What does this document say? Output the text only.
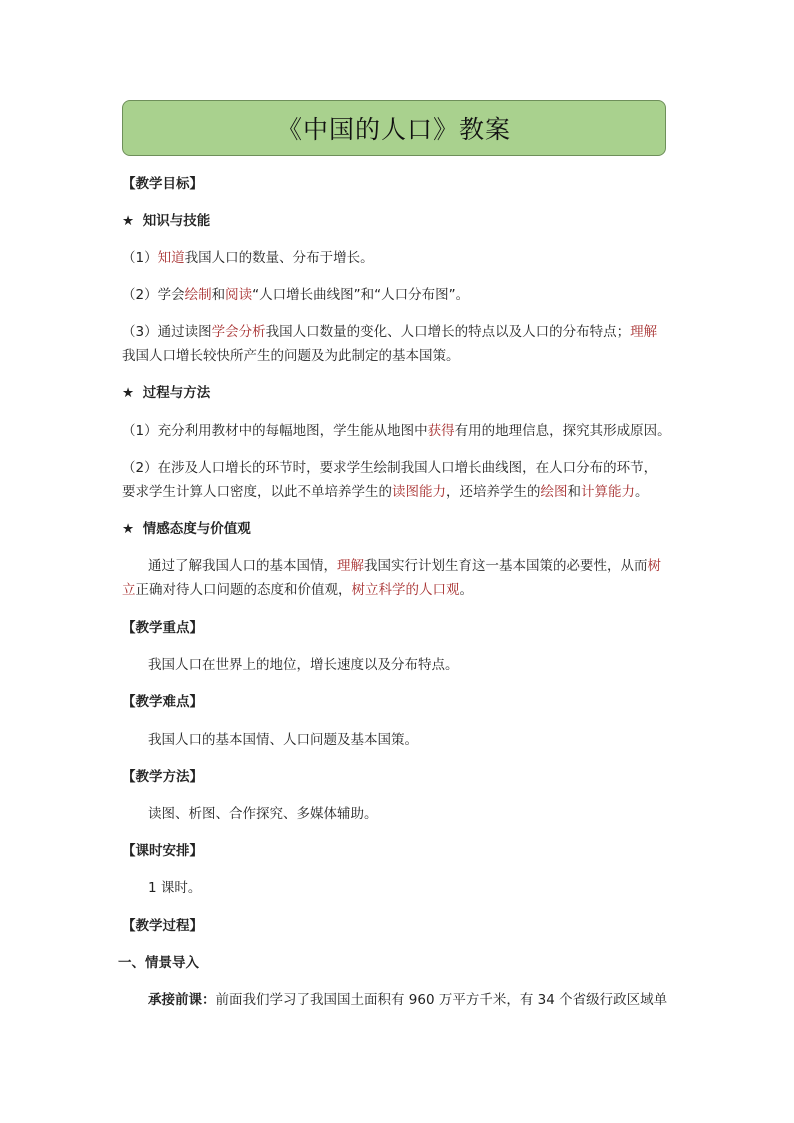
《中国的人口》教案
【教学目标】
★ 知识与技能
（1）知道我国人口的数量、分布于增长。
（2）学会绘制和阅读“人口增长曲线图”和“人口分布图”。
（3）通过读图学会分析我国人口数量的变化、人口增长的特点以及人口的分布特点；理解
我国人口增长较快所产生的问题及为此制定的基本国策。
★ 过程与方法
（1）充分利用教材中的每幅地图，学生能从地图中获得有用的地理信息，探究其形成原因。
（2）在涉及人口增长的环节时，要求学生绘制我国人口增长曲线图，在人口分布的环节，
要求学生计算人口密度，以此不单培养学生的读图能力，还培养学生的绘图和计算能力。
★ 情感态度与价值观
通过了解我国人口的基本国情，理解我国实行计划生育这一基本国策的必要性，从而树
立正确对待人口问题的态度和价值观，树立科学的人口观。
【教学重点】
我国人口在世界上的地位，增长速度以及分布特点。
【教学难点】
我国人口的基本国情、人口问题及基本国策。
【教学方法】
读图、析图、合作探究、多媒体辅助。
【课时安排】
1 课时。
【教学过程】
一、情景导入
承接前课：前面我们学习了我国国土面积有 960 万平方千米，有 34 个省级行政区域单
